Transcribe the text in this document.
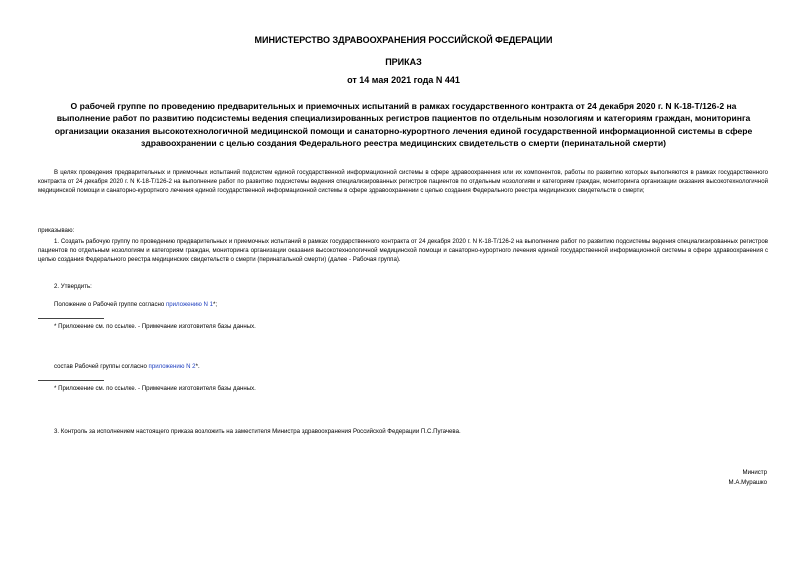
МИНИСТЕРСТВО ЗДРАВООХРАНЕНИЯ РОССИЙСКОЙ ФЕДЕРАЦИИ
ПРИКАЗ
от 14 мая 2021 года N 441
О рабочей группе по проведению предварительных и приемочных испытаний в рамках государственного контракта от 24 декабря 2020 г. N К-18-Т/126-2 на выполнение работ по развитию подсистемы ведения специализированных регистров пациентов по отдельным нозологиям и категориям граждан, мониторинга организации оказания высокотехнологичной медицинской помощи и санаторно-курортного лечения единой государственной информационной системы в сфере здравоохранении с целью создания Федерального реестра медицинских свидетельств о смерти (перинатальной смерти)
В целях проведения предварительных и приемочных испытаний подсистем единой государственной информационной системы в сфере здравоохранения или их компонентов, работы по развитию которых выполняются в рамках государственного контракта от 24 декабря 2020 г. N К-18-Т/126-2 на выполнение работ по развитию подсистемы ведения специализированных регистров пациентов по отдельным нозологиям и категориям граждан, мониторинга организации оказания высокотехнологичной медицинской помощи и санаторно-курортного лечения единой государственной информационной системы в сфере здравоохранении с целью создания Федерального реестра медицинских свидетельств о смерти;
приказываю:
1. Создать рабочую группу по проведению предварительных и приемочных испытаний в рамках государственного контракта от 24 декабря 2020 г. N К-18-Т/126-2 на выполнение работ по развитию подсистемы ведения специализированных регистров пациентов по отдельным нозологиям и категориям граждан, мониторинга организации оказания высокотехнологичной медицинской помощи и санаторно-курортного лечения единой государственной информационной системы в сфере здравоохранения с целью создания Федерального реестра медицинских свидетельств о смерти (перинатальной смерти) (далее - Рабочая группа).
2. Утвердить:
Положение о Рабочей группе согласно приложению N 1*;
* Приложение см. по ссылке. - Примечание изготовителя базы данных.
состав Рабочей группы согласно приложению N 2*.
* Приложение см. по ссылке. - Примечание изготовителя базы данных.
3. Контроль за исполнением настоящего приказа возложить на заместителя Министра здравоохранения Российской Федерации П.С.Пугачева.
Министр
М.А.Мурашко
